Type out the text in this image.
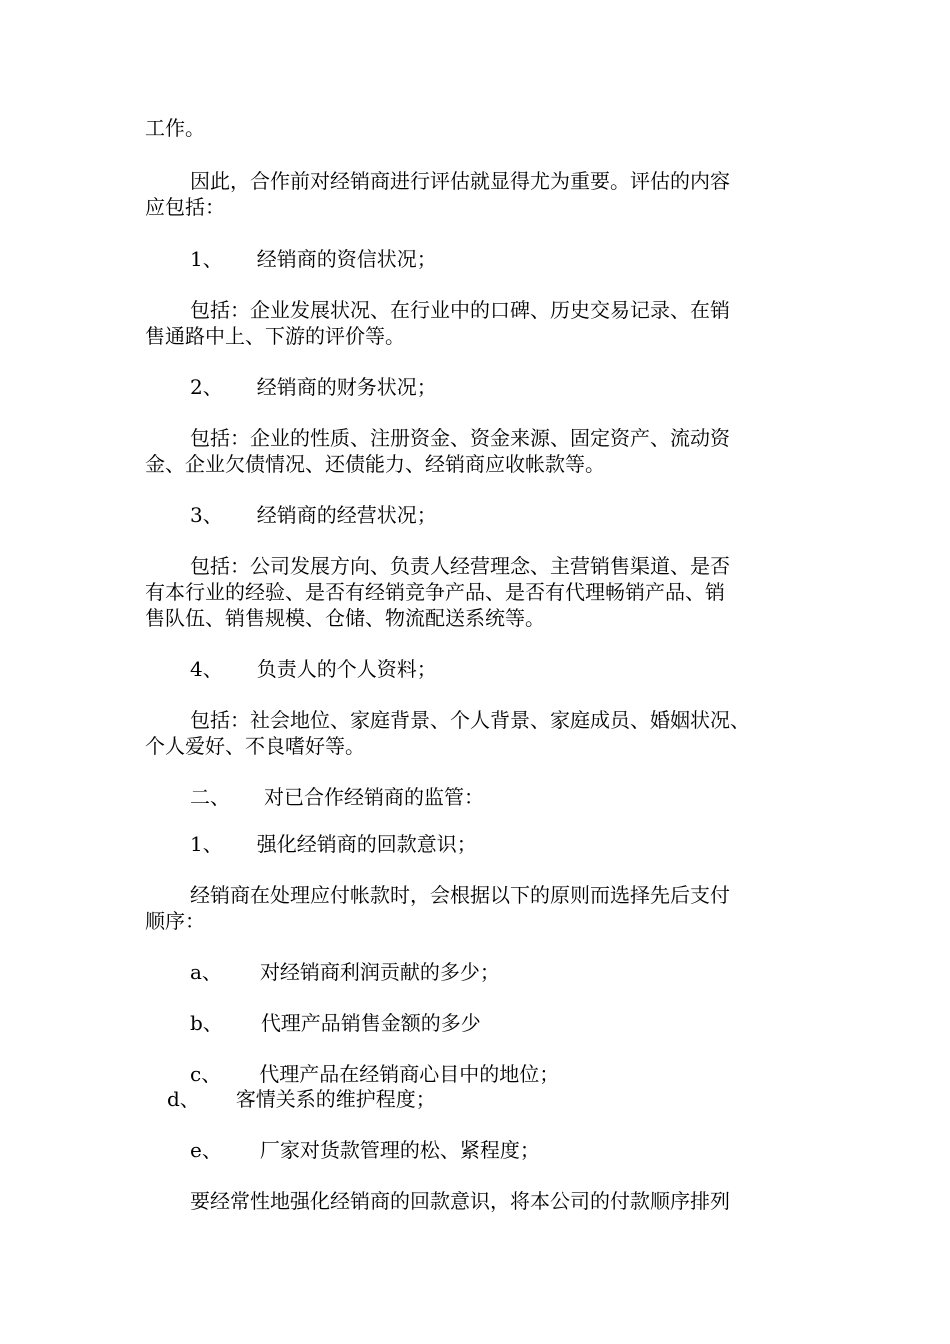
工作。
因此，合作前对经销商进行评估就显得尤为重要。评估的内容
应包括：
1、 经销商的资信状况；
包括：企业发展状况、在行业中的口碑、历史交易记录、在销
售通路中上、下游的评价等。
2、 经销商的财务状况；
包括：企业的性质、注册资金、资金来源、固定资产、流动资
金、企业欠债情况、还债能力、经销商应收帐款等。
3、 经销商的经营状况；
包括：公司发展方向、负责人经营理念、主营销售渠道、是否
有本行业的经验、是否有经销竞争产品、是否有代理畅销产品、销
售队伍、销售规模、仓储、物流配送系统等。
4、 负责人的个人资料；
包括：社会地位、家庭背景、个人背景、家庭成员、婚姻状况、
个人爱好、不良嗜好等。
二、 对已合作经销商的监管：
1、 强化经销商的回款意识；
经销商在处理应付帐款时，会根据以下的原则而选择先后支付
顺序：
a、 对经销商利润贡献的多少；
b、 代理产品销售金额的多少
c、 代理产品在经销商心目中的地位；
d、 客情关系的维护程度；
e、 厂家对货款管理的松、紧程度；
要经常性地强化经销商的回款意识，将本公司的付款顺序排列
